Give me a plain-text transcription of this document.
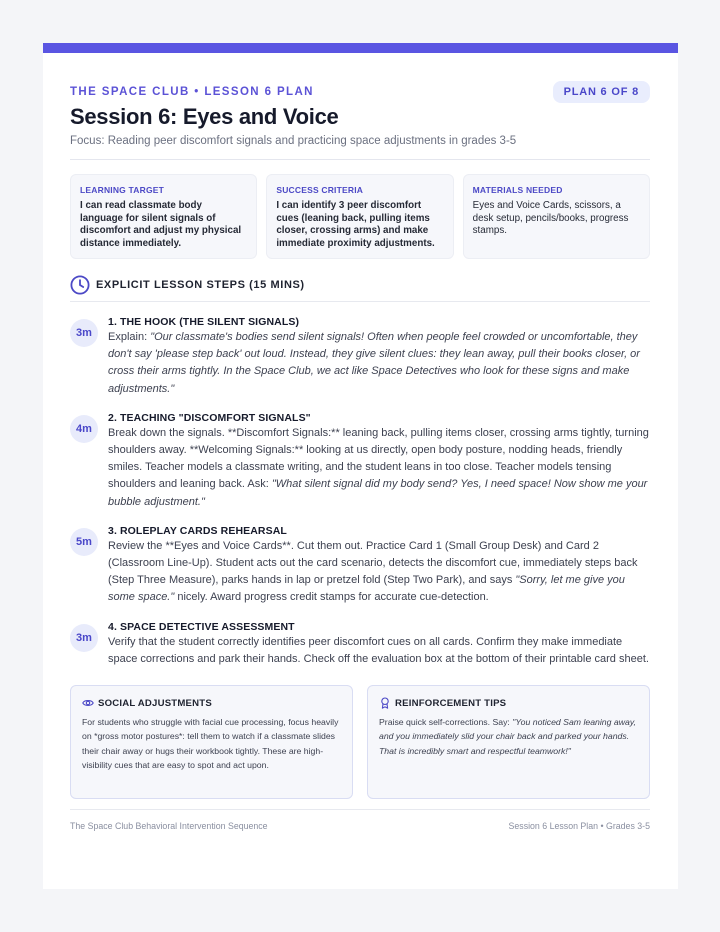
THE SPACE CLUB • LESSON 6 PLAN
Session 6: Eyes and Voice
Focus: Reading peer discomfort signals and practicing space adjustments in grades 3-5
PLAN 6 OF 8
LEARNING TARGET
I can read classmate body language for silent signals of discomfort and adjust my physical distance immediately.
SUCCESS CRITERIA
I can identify 3 peer discomfort cues (leaning back, pulling items closer, crossing arms) and make immediate proximity adjustments.
MATERIALS NEEDED
Eyes and Voice Cards, scissors, a desk setup, pencils/books, progress stamps.
EXPLICIT LESSON STEPS (15 MINS)
3m
1. THE HOOK (THE SILENT SIGNALS)
Explain: "Our classmate's bodies send silent signals! Often when people feel crowded or uncomfortable, they don't say 'please step back' out loud. Instead, they give silent clues: they lean away, pull their books closer, or cross their arms tightly. In the Space Club, we act like Space Detectives who look for these signs and make adjustments."
4m
2. TEACHING "DISCOMFORT SIGNALS"
Break down the signals. **Discomfort Signals:** leaning back, pulling items closer, crossing arms tightly, turning shoulders away. **Welcoming Signals:** looking at us directly, open body posture, nodding heads, friendly smiles. Teacher models a classmate writing, and the student leans in too close. Teacher models tensing shoulders and leaning back. Ask: "What silent signal did my body send? Yes, I need space! Now show me your bubble adjustment."
5m
3. ROLEPLAY CARDS REHEARSAL
Review the **Eyes and Voice Cards**. Cut them out. Practice Card 1 (Small Group Desk) and Card 2 (Classroom Line-Up). Student acts out the card scenario, detects the discomfort cue, immediately steps back (Step Three Measure), parks hands in lap or pretzel fold (Step Two Park), and says "Sorry, let me give you some space." nicely. Award progress credit stamps for accurate cue-detection.
3m
4. SPACE DETECTIVE ASSESSMENT
Verify that the student correctly identifies peer discomfort cues on all cards. Confirm they make immediate space corrections and park their hands. Check off the evaluation box at the bottom of their printable card sheet.
SOCIAL ADJUSTMENTS
For students who struggle with facial cue processing, focus heavily on *gross motor postures*: tell them to watch if a classmate slides their chair away or hugs their workbook tightly. These are high-visibility cues that are easy to spot and act upon.
REINFORCEMENT TIPS
Praise quick self-corrections. Say: "You noticed Sam leaning away, and you immediately slid your chair back and parked your hands. That is incredibly smart and respectful teamwork!"
The Space Club Behavioral Intervention Sequence	Session 6 Lesson Plan • Grades 3-5
